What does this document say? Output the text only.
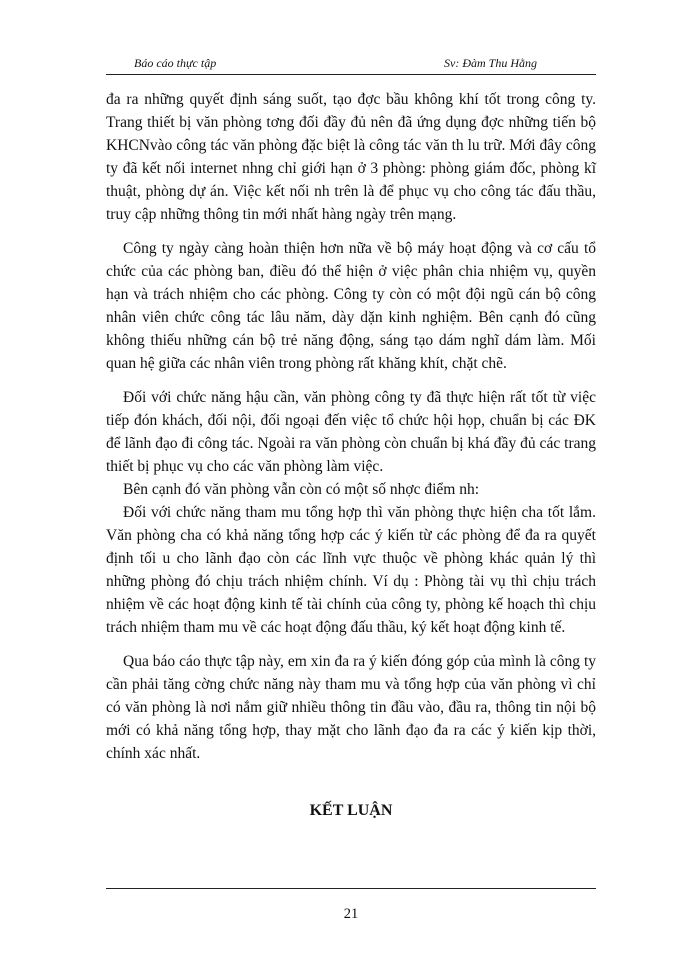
Báo cáo thực tập	Sv: Đàm Thu Hằng

đa ra những quyết định sáng suốt, tạo đợc bầu không khí tốt trong công ty. Trang thiết bị văn phòng tơng đối đầy đủ nên đã ứng dụng đợc những tiến bộ KHCNvào công tác văn phòng đặc biệt là công tác văn th lu trữ. Mới đây công ty đã kết nối internet nhng chỉ giới hạn ở 3 phòng: phòng giám đốc, phòng kĩ thuật, phòng dự án. Việc kết nối nh trên là để phục vụ cho công tác đấu thầu, truy cập những thông tin mới nhất hàng ngày trên mạng.

Công ty ngày càng hoàn thiện hơn nữa về bộ máy hoạt động và cơ cấu tổ chức của các phòng ban, điều đó thể hiện ở việc phân chia nhiệm vụ, quyền hạn và trách nhiệm cho các phòng. Công ty còn có một đội ngũ cán bộ công nhân viên chức công tác lâu năm, dày dặn kinh nghiệm. Bên cạnh đó cũng không thiếu những cán bộ trẻ năng động, sáng tạo dám nghĩ dám làm. Mối quan hệ giữa các nhân viên trong phòng rất khăng khít, chặt chẽ.

Đối với chức năng hậu cần, văn phòng công ty đã thực hiện rất tốt từ việc tiếp đón khách, đối nội, đối ngoại đến việc tổ chức hội họp, chuẩn bị các ĐK để lãnh đạo đi công tác. Ngoài ra văn phòng còn chuẩn bị khá đầy đủ các trang thiết bị phục vụ cho các văn phòng làm việc.

Bên cạnh đó văn phòng vẫn còn có một số nhợc điểm nh:

Đối với chức năng tham mu tổng hợp thì văn phòng thực hiện cha tốt lắm. Văn phòng cha có khả năng tổng hợp các ý kiến từ các phòng để đa ra quyết định tối u cho lãnh đạo còn các lĩnh vực thuộc về phòng khác quản lý thì những phòng đó chịu trách nhiệm chính. Ví dụ : Phòng tài vụ thì chịu trách nhiệm về các hoạt động kinh tế tài chính của công ty, phòng kế hoạch thì chịu trách nhiệm tham mu về các hoạt động đấu thầu, ký kết hoạt động kinh tế.

Qua báo cáo thực tập này, em xin đa ra ý kiến đóng góp của mình là công ty cần phải tăng cờng chức năng này tham mu và tổng hợp của văn phòng vì chỉ có văn phòng là nơi nắm giữ nhiều thông tin đầu vào, đầu ra, thông tin nội bộ mới có khả năng tổng hợp, thay mặt cho lãnh đạo đa ra các ý kiến kịp thời, chính xác nhất.

KẾT LUẬN
21
